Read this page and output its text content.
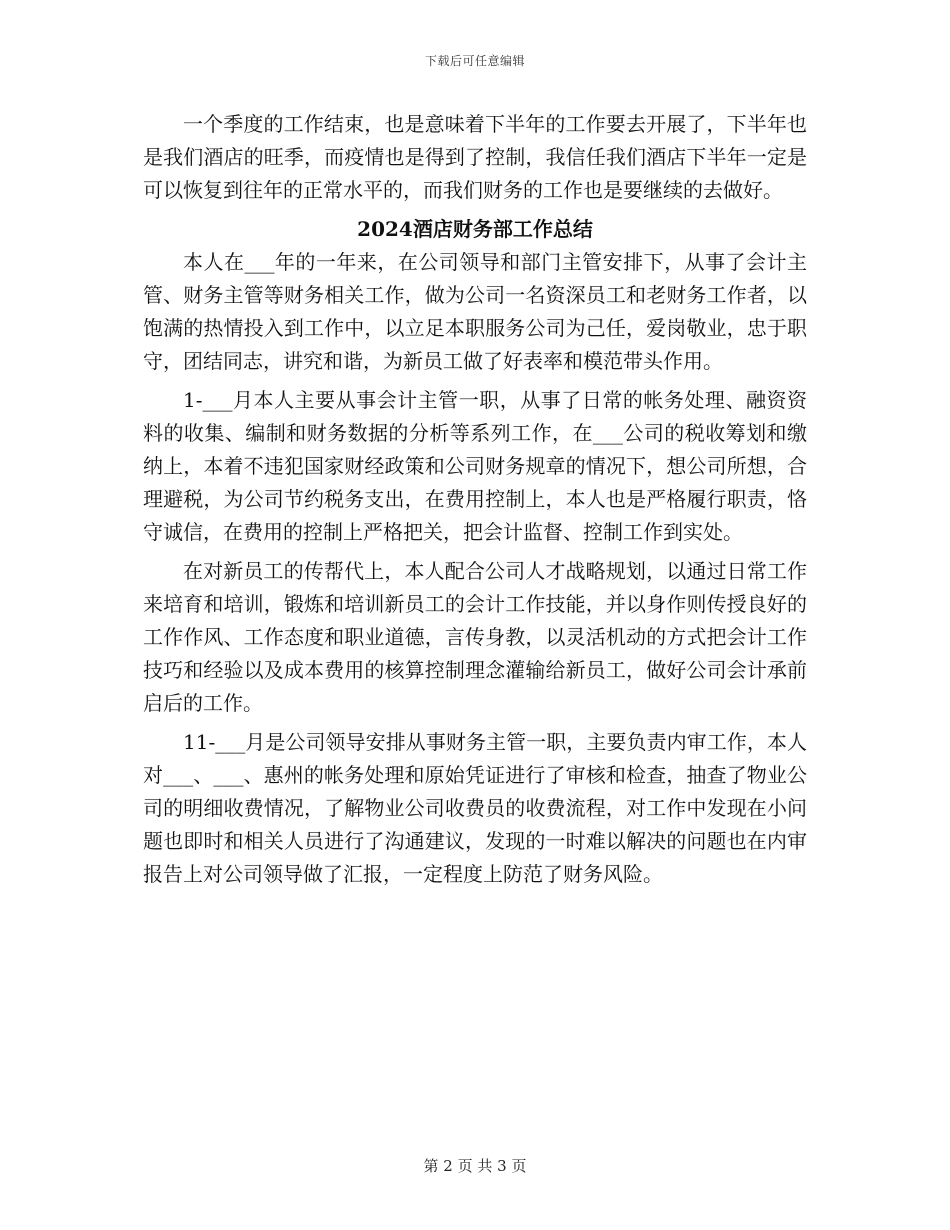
下载后可任意编辑

一个季度的工作结束，也是意味着下半年的工作要去开展了，下半年也是我们酒店的旺季，而疫情也是得到了控制，我信任我们酒店下半年一定是可以恢复到往年的正常水平的，而我们财务的工作也是要继续的去做好。

2024酒店财务部工作总结

本人在___年的一年来，在公司领导和部门主管安排下，从事了会计主管、财务主管等财务相关工作，做为公司一名资深员工和老财务工作者，以饱满的热情投入到工作中，以立足本职服务公司为己任，爱岗敬业，忠于职守，团结同志，讲究和谐，为新员工做了好表率和模范带头作用。

1-___月本人主要从事会计主管一职，从事了日常的帐务处理、融资资料的收集、编制和财务数据的分析等系列工作，在___公司的税收筹划和缴纳上，本着不违犯国家财经政策和公司财务规章的情况下，想公司所想，合理避税，为公司节约税务支出，在费用控制上，本人也是严格履行职责，恪守诚信，在费用的控制上严格把关，把会计监督、控制工作到实处。

在对新员工的传帮代上，本人配合公司人才战略规划，以通过日常工作来培育和培训，锻炼和培训新员工的会计工作技能，并以身作则传授良好的工作作风、工作态度和职业道德，言传身教，以灵活机动的方式把会计工作技巧和经验以及成本费用的核算控制理念灌输给新员工，做好公司会计承前启后的工作。

11-___月是公司领导安排从事财务主管一职，主要负责内审工作，本人对___、___、惠州的帐务处理和原始凭证进行了审核和检查，抽查了物业公司的明细收费情况，了解物业公司收费员的收费流程，对工作中发现在小问题也即时和相关人员进行了沟通建议，发现的一时难以解决的问题也在内审报告上对公司领导做了汇报，一定程度上防范了财务风险。

第 2 页 共 3 页
